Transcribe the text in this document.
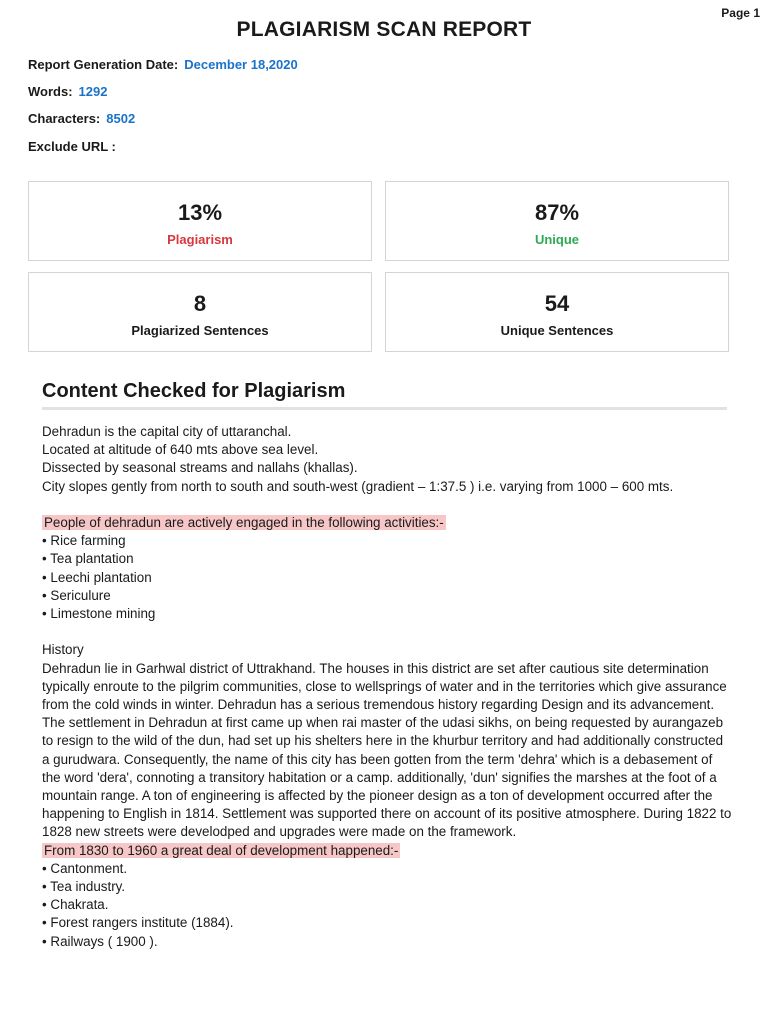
Page 1
PLAGIARISM SCAN REPORT
Report Generation Date: December 18,2020
Words: 1292
Characters: 8502
Exclude URL :
13%
Plagiarism
87%
Unique
8
Plagiarized Sentences
54
Unique Sentences
Content Checked for Plagiarism

Dehradun is the capital city of uttaranchal.

Located at altitude of 640 mts above sea level.

Dissected by seasonal streams and nallahs (khallas).

City slopes gently from north to south and south-west (gradient – 1:37.5 ) i.e. varying from 1000 – 600 mts.

People of dehradun are actively engaged in the following activities:-

• Rice farming
• Tea plantation
• Leechi plantation
• Sericulure
• Limestone mining

History

Dehradun lie in Garhwal district of Uttrakhand. The houses in this district are set after cautious site determination typically enroute to the pilgrim communities, close to wellsprings of water and in the territories which give assurance from the cold winds in winter. Dehradun has a serious tremendous history regarding Design and its advancement. The settlement in Dehradun at first came up when rai master of the udasi sikhs, on being requested by aurangazeb to resign to the wild of the dun, had set up his shelters here in the khurbur territory and had additionally constructed a gurudwara. Consequently, the name of this city has been gotten from the term 'dehra' which is a debasement of the word 'dera', connoting a transitory habitation or a camp. additionally, 'dun' signifies the marshes at the foot of a mountain range. A ton of engineering is affected by the pioneer design as a ton of development occurred after the happening to English in 1814. Settlement was supported there on account of its positive atmosphere. During 1822 to 1828 new streets were develodped and upgrades were made on the framework.

From 1830 to 1960 a great deal of development happened:-

• Cantonment.
• Tea industry.
• Chakrata.
• Forest rangers institute (1884).
• Railways ( 1900 ).
